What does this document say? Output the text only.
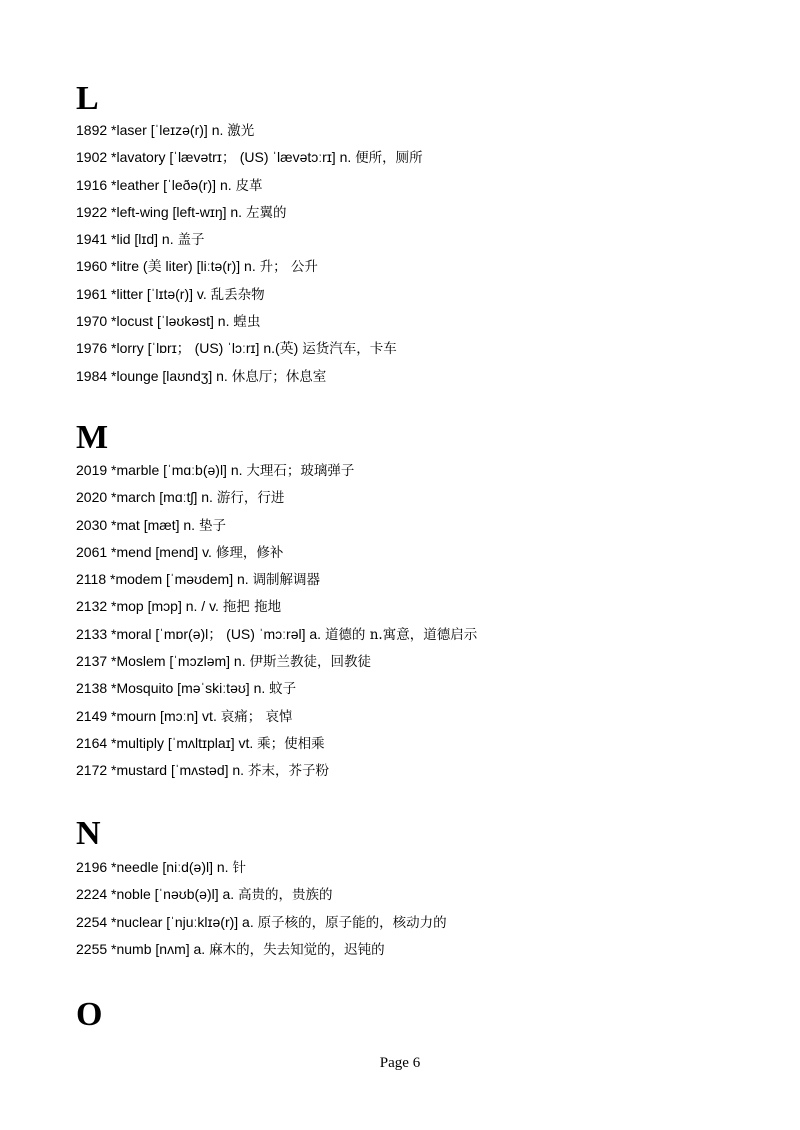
L
1892 *laser [ˈleɪzə(r)] n. 激光
1902 *lavatory [ˈlævətrɪ； (US) ˈlævətɔːrɪ] n. 便所，厕所
1916 *leather [ˈleðə(r)] n. 皮革
1922 *left-wing [left-wɪŋ] n. 左翼的
1941 *lid [lɪd] n. 盖子
1960 *litre (美 liter) [liːtə(r)] n. 升； 公升
1961 *litter [ˈlɪtə(r)] v. 乱丢杂物
1970 *locust [ˈləʊkəst] n. 蝗虫
1976 *lorry [ˈlɒrɪ； (US) ˈlɔːrɪ] n.(英) 运货汽车，卡车
1984 *lounge [laʊndʒ] n. 休息厅；休息室
M
2019 *marble [ˈmɑːb(ə)l] n. 大理石；玻璃弹子
2020 *march [mɑːtʃ] n. 游行，行进
2030 *mat [mæt] n. 垫子
2061 *mend [mend] v. 修理，修补
2118 *modem [ˈməʊdem] n. 调制解调器
2132 *mop [mɔp] n. / v. 拖把 拖地
2133 *moral [ˈmɒr(ə)l； (US) ˈmɔːrəl] a. 道德的 n.寓意，道德启示
2137 *Moslem [ˈmɔzləm] n. 伊斯兰教徒，回教徒
2138 *Mosquito [məˈskiːtəʊ] n. 蚊子
2149 *mourn [mɔːn] vt. 哀痛； 哀悼
2164 *multiply [ˈmʌltɪplaɪ] vt. 乘；使相乘
2172 *mustard [ˈmʌstəd] n. 芥末，芥子粉
N
2196 *needle [niːd(ə)l] n. 针
2224 *noble [ˈnəʊb(ə)l] a. 高贵的，贵族的
2254 *nuclear [ˈnjuːklɪə(r)] a. 原子核的，原子能的，核动力的
2255 *numb [nʌm] a. 麻木的，失去知觉的，迟钝的
O
Page 6
